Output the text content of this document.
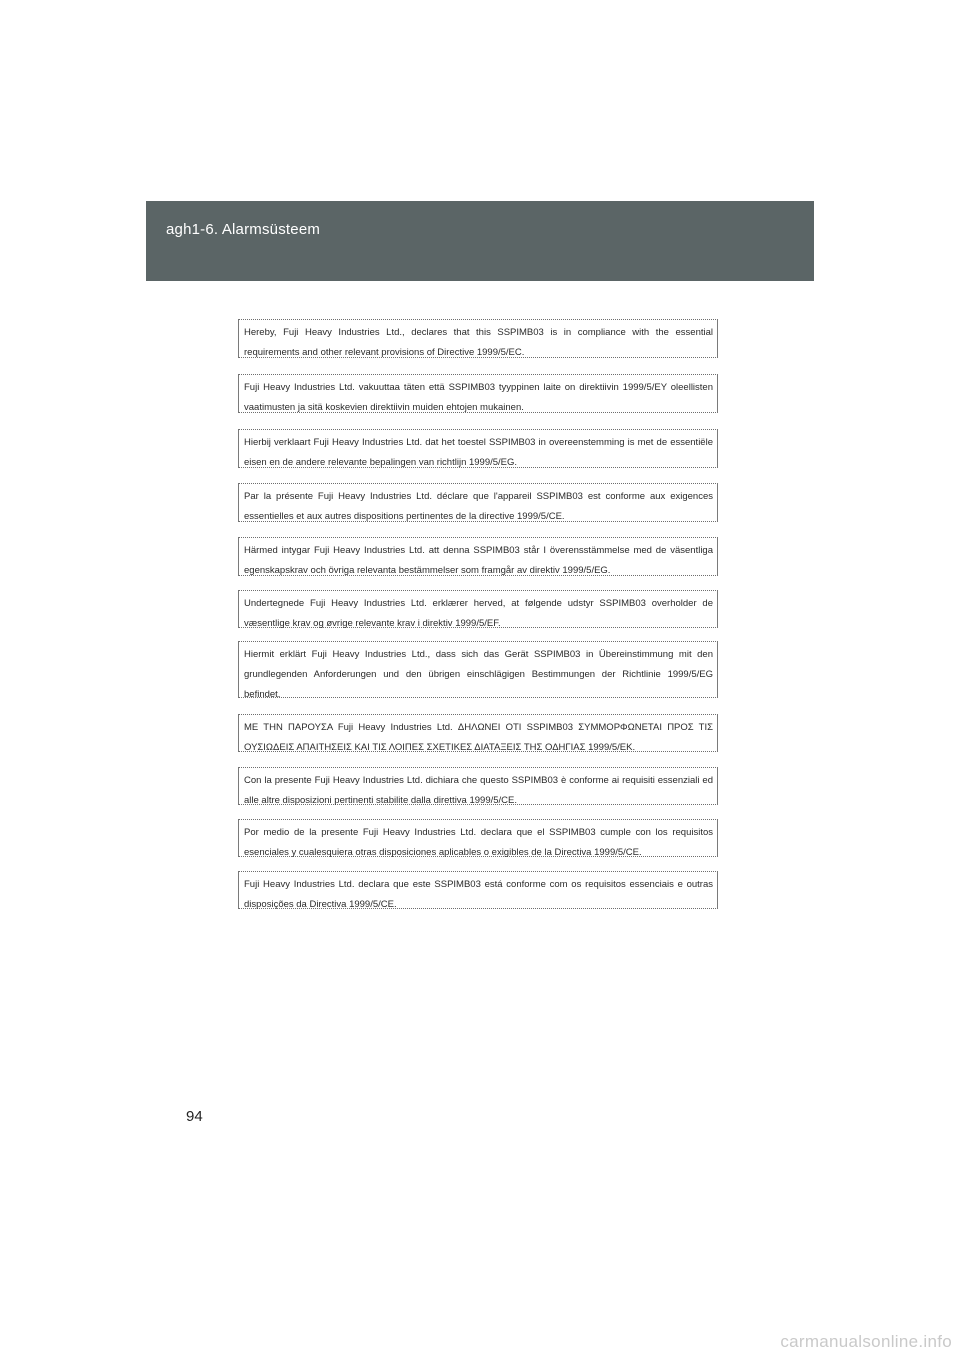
agh1-6. Alarmsüsteem
Hereby, Fuji Heavy Industries Ltd., declares that this SSPIMB03 is in compliance with the essential requirements and other relevant provisions of Directive 1999/5/EC.
Fuji Heavy Industries Ltd. vakuuttaa täten että SSPIMB03 tyyppinen laite on direktiivin 1999/5/EY oleellisten vaatimusten ja sitä koskevien direktiivin muiden ehtojen mukainen.
Hierbij verklaart Fuji Heavy Industries Ltd. dat het toestel SSPIMB03 in overeenstemming is met de essentiële eisen en de andere relevante bepalingen van richtlijn 1999/5/EG.
Par la présente Fuji Heavy Industries Ltd. déclare que l'appareil SSPIMB03 est conforme aux exigences essentielles et aux autres dispositions pertinentes de la directive 1999/5/CE.
Härmed intygar Fuji Heavy Industries Ltd. att denna SSPIMB03 står I överensstämmelse med de väsentliga egenskapskrav och övriga relevanta bestämmelser som framgår av direktiv 1999/5/EG.
Undertegnede Fuji Heavy Industries Ltd. erklærer herved, at følgende udstyr SSPIMB03 overholder de væsentlige krav og øvrige relevante krav i direktiv 1999/5/EF.
Hiermit erklärt Fuji Heavy Industries Ltd., dass sich das Gerät SSPIMB03 in Übereinstimmung mit den grundlegenden Anforderungen und den übrigen einschlägigen Bestimmungen der Richtlinie 1999/5/EG befindet.
ΜΕ ΤΗΝ ΠΑΡΟΥΣΑ Fuji Heavy Industries Ltd. ΔΗΛΩΝΕΙ ΟΤΙ SSPIMB03 ΣΥΜΜΟΡΦΩΝΕΤΑΙ ΠΡΟΣ ΤΙΣ ΟΥΣΙΩΔΕΙΣ ΑΠΑΙΤΗΣΕΙΣ ΚΑΙ ΤΙΣ ΛΟΙΠΕΣ ΣΧΕΤΙΚΕΣ ΔΙΑΤΑΞΕΙΣ ΤΗΣ ΟΔΗΓΙΑΣ 1999/5/ΕΚ.
Con la presente Fuji Heavy Industries Ltd. dichiara che questo SSPIMB03 è conforme ai requisiti essenziali ed alle altre disposizioni pertinenti stabilite dalla direttiva 1999/5/CE.
Por medio de la presente Fuji Heavy Industries Ltd. declara que el SSPIMB03 cumple con los requisitos esenciales y cualesquiera otras disposiciones aplicables o exigibles de la Directiva 1999/5/CE.
Fuji Heavy Industries Ltd. declara que este SSPIMB03 está conforme com os requisitos essenciais e outras disposições da Directiva 1999/5/CE.
94
carmanualsonline.info
